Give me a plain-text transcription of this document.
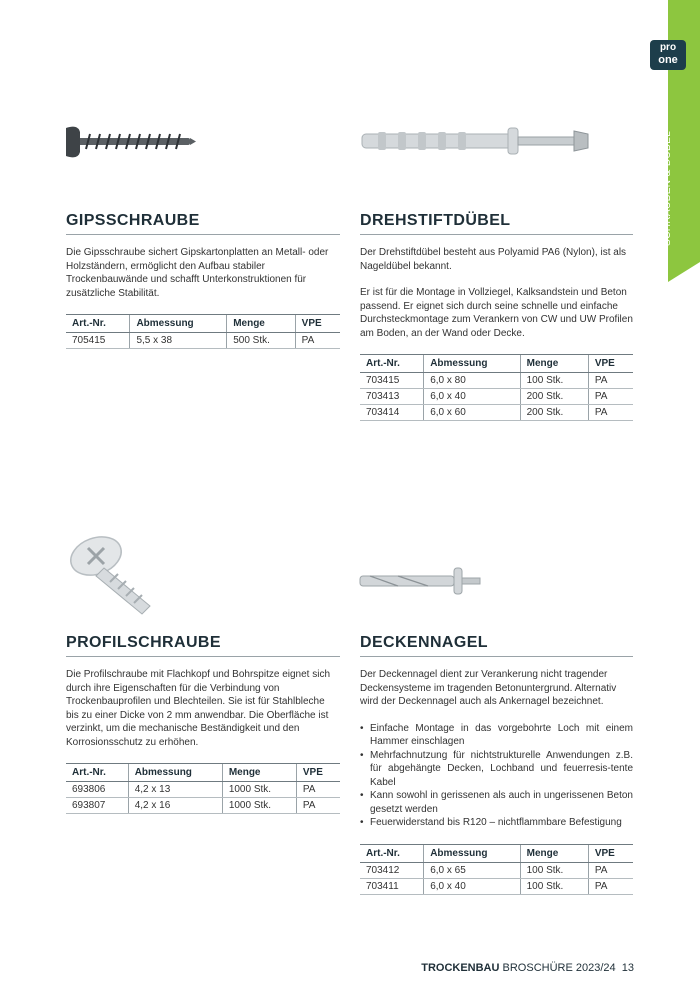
pro
one
SCHRAUBEN & DÜBEL
GIPSSCHRAUBE

Die Gipsschraube sichert Gipskartonplatten an Metall- oder Holzständern, ermöglicht den Aufbau stabiler Trockenbauwände und schafft Unterkonstruktionen für zusätzliche Stabilität.

Art.-Nr.	Abmessung	Menge	VPE
705415	5,5 x 38	500 Stk.	PA
DREHSTIFTDÜBEL

Der Drehstiftdübel besteht aus Polyamid PA6 (Nylon), ist als Nageldübel bekannt.

Er ist für die Montage in Vollziegel, Kalksandstein und Beton passend. Er eignet sich durch seine schnelle und einfache Durchsteckmontage zum Verankern von CW und UW Profilen am Boden, an der Wand oder Decke.

Art.-Nr.	Abmessung	Menge	VPE
703415	6,0 x 80	100 Stk.	PA
703413	6,0 x 40	200 Stk.	PA
703414	6,0 x 60	200 Stk.	PA
PROFILSCHRAUBE

Die Profilschraube mit Flachkopf und Bohrspitze eignet sich durch ihre Eigenschaften für die Verbindung von Trockenbauprofilen und Blechteilen. Sie ist für Stahlbleche bis zu einer Dicke von 2 mm anwendbar. Die Oberfläche ist verzinkt, um die mechanische Beständigkeit und den Korrosionsschutz zu erhöhen.

Art.-Nr.	Abmessung	Menge	VPE
693806	4,2 x 13	1000 Stk.	PA
693807	4,2 x 16	1000 Stk.	PA
DECKENNAGEL

Der Deckennagel dient zur Verankerung nicht tragender Deckensysteme im tragenden Betonuntergrund. Alternativ wird der Deckennagel auch als Ankernagel bezeichnet.

• Einfache Montage in das vorgebohrte Loch mit einem Hammer einschlagen
• Mehrfachnutzung für nichtstrukturelle Anwendungen z.B. für abgehängte Decken, Lochband und feuerresis-tente Kabel
• Kann sowohl in gerissenen als auch in ungerissenen Beton gesetzt werden
• Feuerwiderstand bis R120 – nichtflammbare Befestigung
Art.-Nr.	Abmessung	Menge	VPE
703412	6,0 x 65	100 Stk.	PA
703411	6,0 x 40	100 Stk.	PA
TROCKENBAU BROSCHÜRE 2023/24 13
